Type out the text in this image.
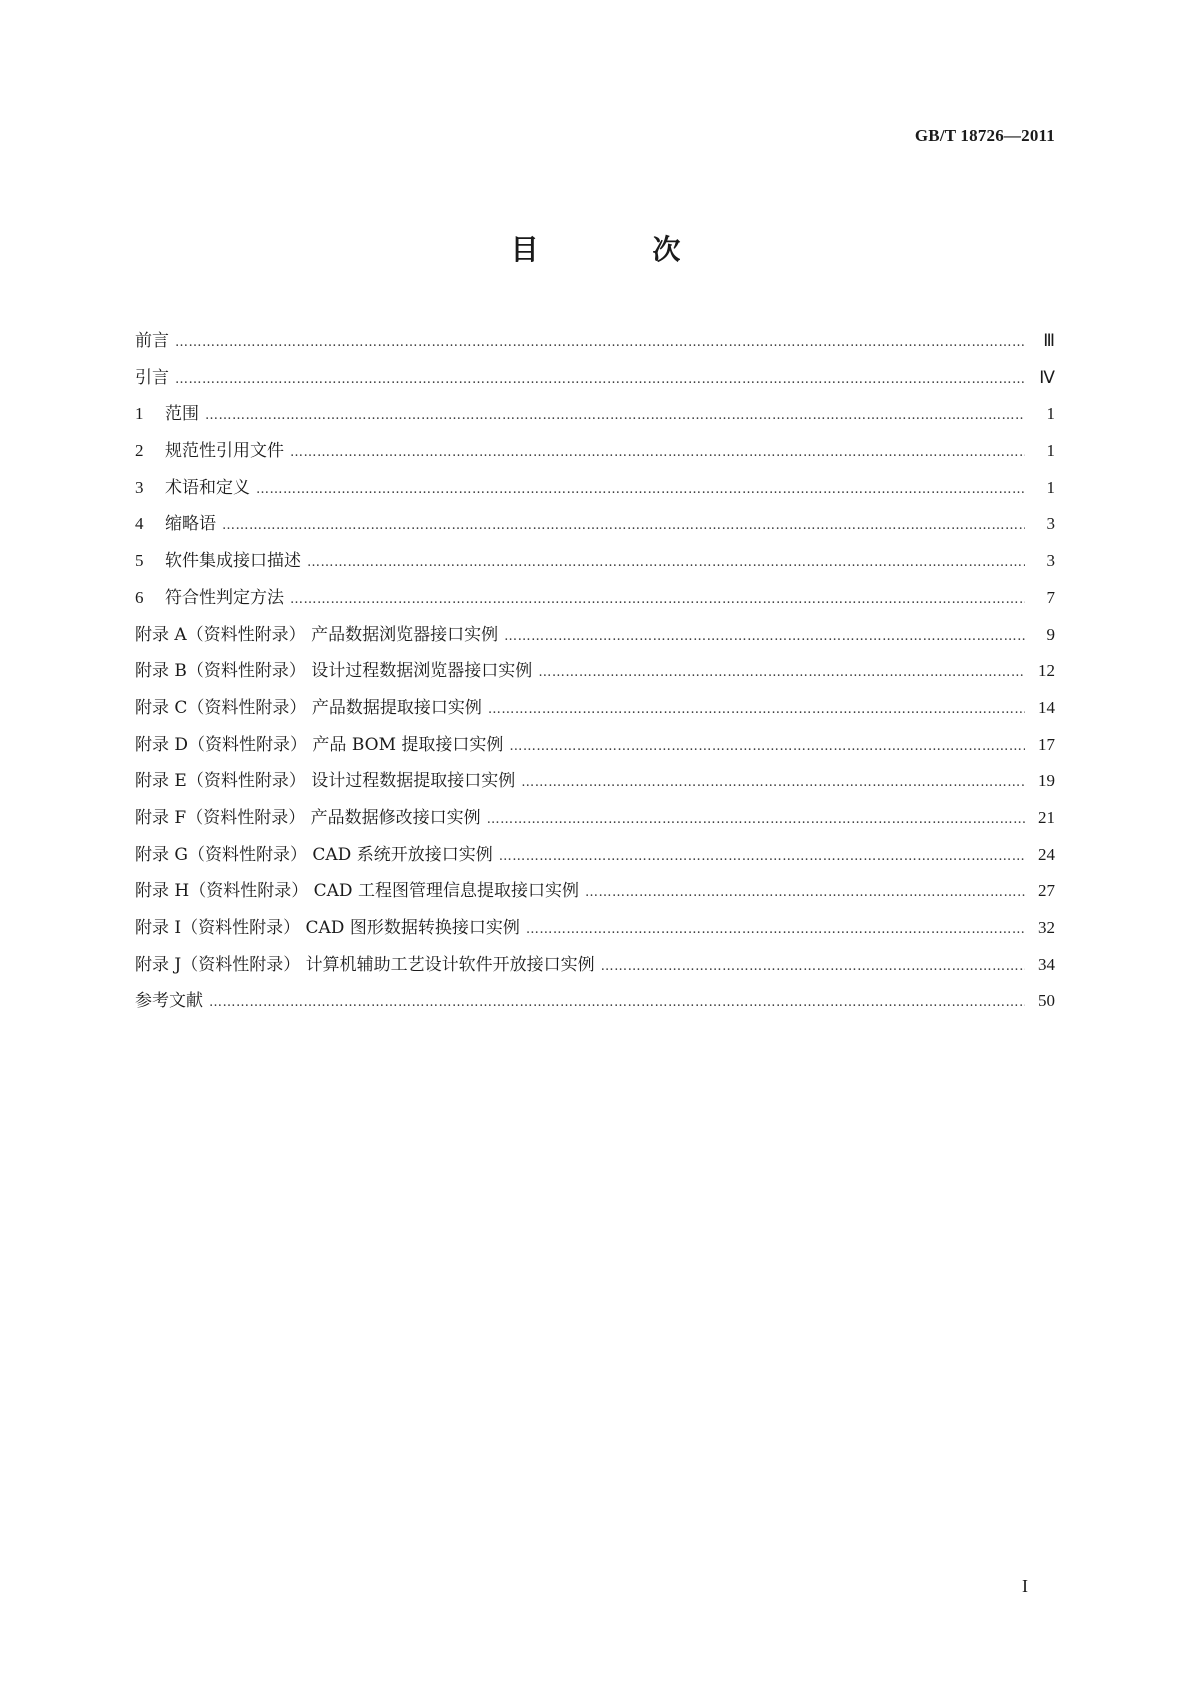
GB/T 18726—2011
目 次
前言 ……………………………………………………………………………………………………………………………………………………………………………………………………………………	Ⅲ
引言 ……………………………………………………………………………………………………………………………………………………………………………………………………………………	Ⅳ
1 范围 ……………………………………………………………………………………………………………………………………………………………………………………………………………………	1
2 规范性引用文件 ……………………………………………………………………………………………………………………………………………………………………………………………………………………	1
3 术语和定义 ……………………………………………………………………………………………………………………………………………………………………………………………………………………	1
4 缩略语 ……………………………………………………………………………………………………………………………………………………………………………………………………………………	3
5 软件集成接口描述 ……………………………………………………………………………………………………………………………………………………………………………………………………………………	3
6 符合性判定方法 ……………………………………………………………………………………………………………………………………………………………………………………………………………………	7
附录 A（资料性附录） 产品数据浏览器接口实例 ……………………………………………………………………………………………………………………………………………………………………………………………………………………	9
附录 B（资料性附录） 设计过程数据浏览器接口实例 ……………………………………………………………………………………………………………………………………………………………………………………………………………………	12
附录 C（资料性附录） 产品数据提取接口实例 ……………………………………………………………………………………………………………………………………………………………………………………………………………………	14
附录 D（资料性附录） 产品 BOM 提取接口实例 ……………………………………………………………………………………………………………………………………………………………………………………………………………………	17
附录 E（资料性附录） 设计过程数据提取接口实例 ……………………………………………………………………………………………………………………………………………………………………………………………………………………	19
附录 F（资料性附录） 产品数据修改接口实例 ……………………………………………………………………………………………………………………………………………………………………………………………………………………	21
附录 G（资料性附录） CAD 系统开放接口实例 ……………………………………………………………………………………………………………………………………………………………………………………………………………………	24
附录 H（资料性附录） CAD 工程图管理信息提取接口实例 ……………………………………………………………………………………………………………………………………………………………………………………………………………………	27
附录 I（资料性附录） CAD 图形数据转换接口实例 ……………………………………………………………………………………………………………………………………………………………………………………………………………………	32
附录 J（资料性附录） 计算机辅助工艺设计软件开放接口实例 ……………………………………………………………………………………………………………………………………………………………………………………………………………………	34
参考文献 ……………………………………………………………………………………………………………………………………………………………………………………………………………………	50
I
